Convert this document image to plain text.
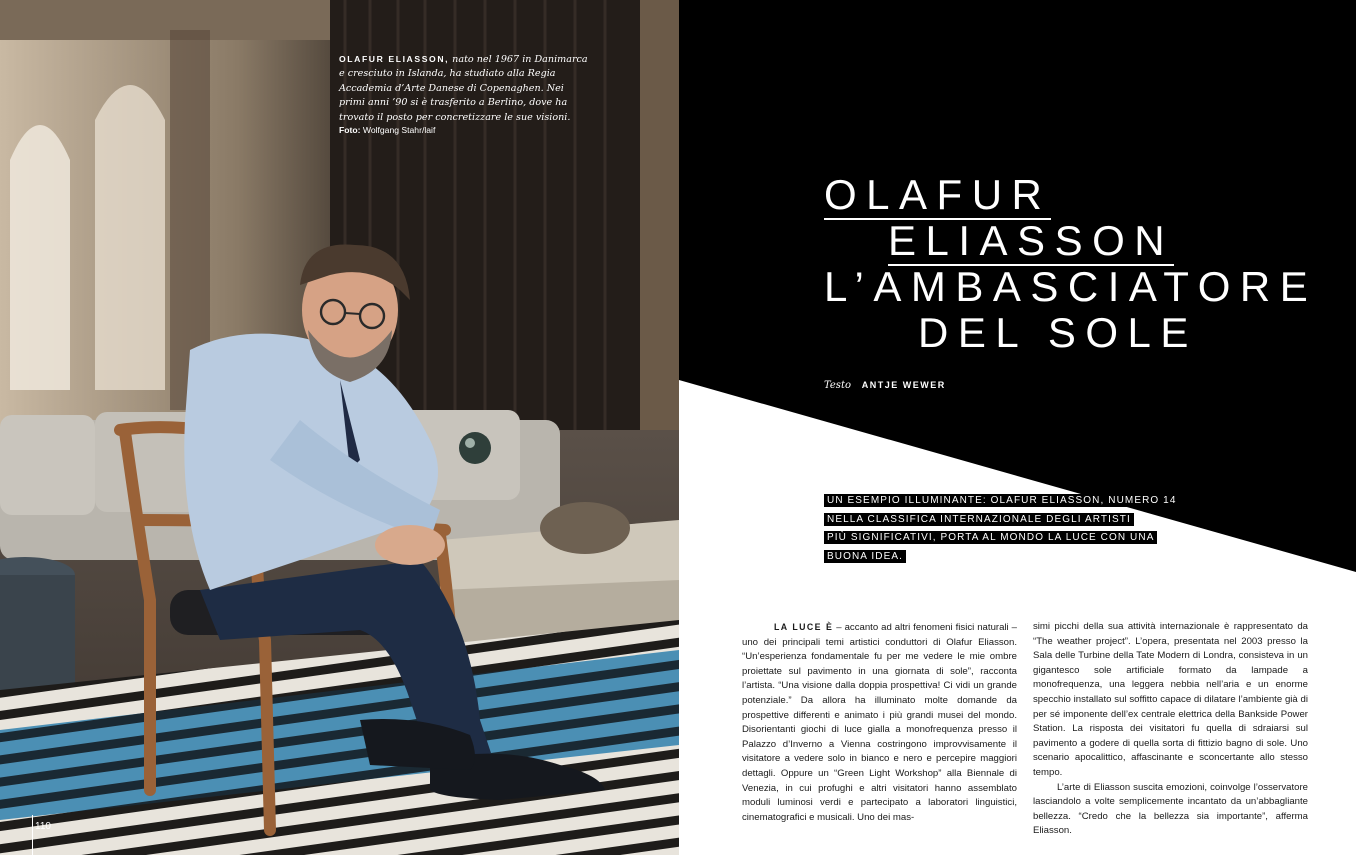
OLAFUR ELIASSON, nato nel 1967 in Danimarca e cresciuto in Islanda, ha studiato alla Regia Accademia d’Arte Danese di Copenaghen. Nei primi anni ’90 si è trasferito a Berlino, dove ha trovato il posto per concretizzare le sue visioni.
Foto: Wolfgang Stahr/laif
110
OLAFUR
ELIASSON
L’AMBASCIATORE
DEL SOLE
Testo ANTJE WEWER
UN ESEMPIO ILLUMINANTE: OLAFUR ELIASSON, NUMERO 14
NELLA CLASSIFICA INTERNAZIONALE DEGLI ARTISTI
PIÙ SIGNIFICATIVI, PORTA AL MONDO LA LUCE CON UNA
BUONA IDEA.

LA LUCE È – accanto ad altri fenomeni fisici naturali – uno dei principali temi artistici conduttori di Olafur Eliasson. “Un’esperienza fondamentale fu per me vedere le mie ombre proiettate sul pavimento in una giornata di sole”, racconta l’artista. “Una visione dalla doppia prospettiva! Ci vidi un grande potenziale.” Da allora ha illuminato molte domande da prospettive differenti e animato i più grandi musei del mondo. Disorientanti giochi di luce gialla a monofrequenza presso il Palazzo d’Inverno a Vienna costringono improvvisamente il visitatore a vedere solo in bianco e nero e percepire maggiori dettagli. Oppure un “Green Light Workshop” alla Biennale di Venezia, in cui profughi e altri visitatori hanno assemblato moduli luminosi verdi e partecipato a laboratori linguistici, cinematografici e musicali. Uno dei mas-

simi picchi della sua attività internazionale è rappresentato da “The weather project”. L’opera, presentata nel 2003 presso la Sala delle Turbine della Tate Modern di Londra, consisteva in un gigantesco sole artificiale formato da lampade a monofrequenza, una leggera nebbia nell’aria e un enorme specchio installato sul soffitto capace di dilatare l’ambiente già di per sé imponente dell’ex centrale elettrica della Bankside Power Station. La risposta dei visitatori fu quella di sdraiarsi sul pavimento a godere di quella sorta di fittizio bagno di sole. Uno scenario apocalittico, affascinante e sconcertante allo stesso tempo.

L’arte di Eliasson suscita emozioni, coinvolge l’osservatore lasciandolo a volte semplicemente incantato da un’abbagliante bellezza. “Credo che la bellezza sia importante”, afferma Eliasson.
